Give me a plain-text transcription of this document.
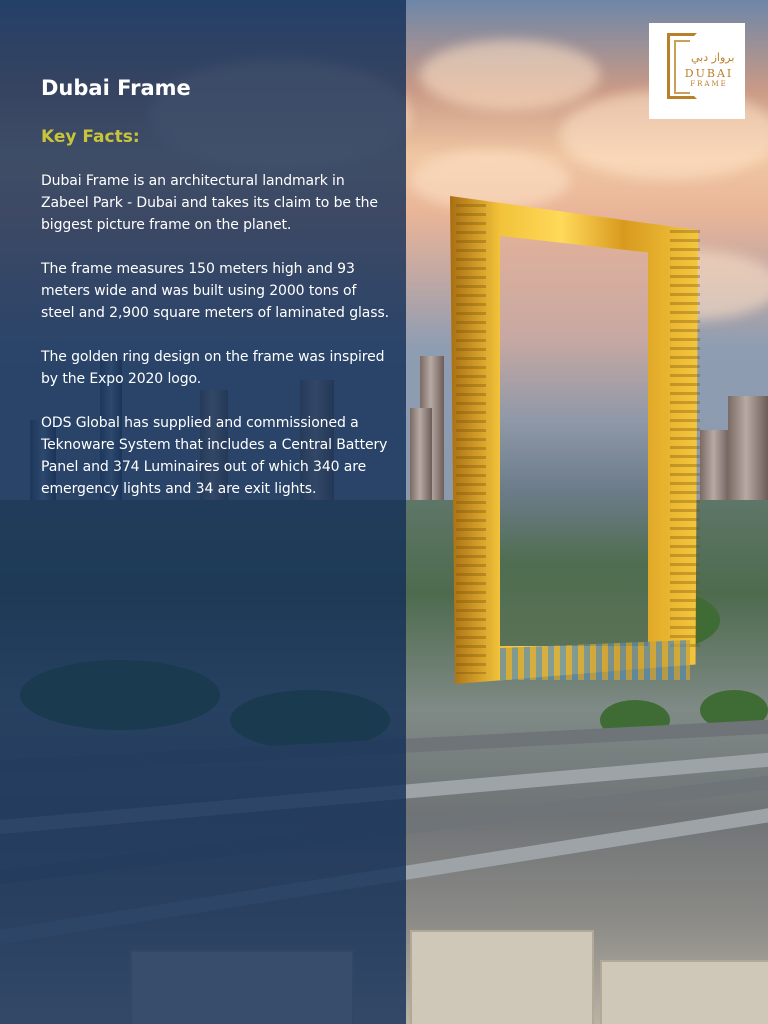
Dubai Frame
Key Facts:

Dubai Frame is an architectural landmark in Zabeel Park - Dubai and takes its claim to be the biggest picture frame on the planet.

The frame measures 150 meters high and 93 meters wide and was built using 2000 tons of steel and 2,900 square meters of laminated glass.

The golden ring design on the frame was inspired by the Expo 2020 logo.

ODS Global has supplied and commissioned a Teknoware System that includes a Central Battery Panel and 374 Luminaires out of which 340 are emergency lights and 34 are exit lights.

برواز دبي
DUBAI
FRAME
